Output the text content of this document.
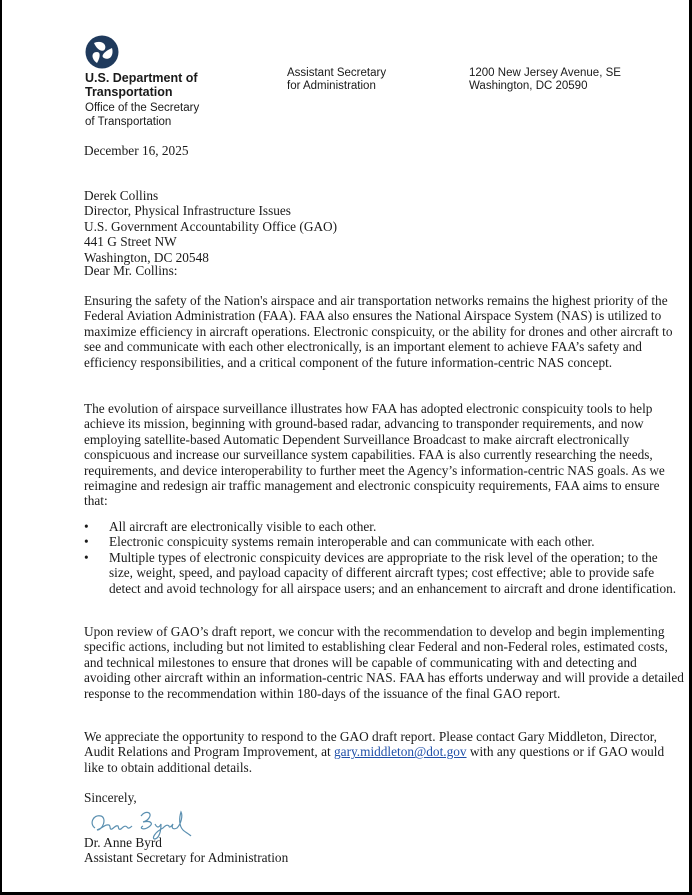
U.S. Department of
Transportation
Office of the Secretary
of Transportation
Assistant Secretary
for Administration
1200 New Jersey Avenue, SE
Washington, DC 20590
December 16, 2025
Derek Collins
Director, Physical Infrastructure Issues
U.S. Government Accountability Office (GAO)
441 G Street NW
Washington, DC 20548
Dear Mr. Collins:
Ensuring the safety of the Nation's airspace and air transportation networks remains the highest priority of the Federal Aviation Administration (FAA). FAA also ensures the National Airspace System (NAS) is utilized to maximize efficiency in aircraft operations. Electronic conspicuity, or the ability for drones and other aircraft to see and communicate with each other electronically, is an important element to achieve FAA’s safety and efficiency responsibilities, and a critical component of the future information-centric NAS concept.
The evolution of airspace surveillance illustrates how FAA has adopted electronic conspicuity tools to help achieve its mission, beginning with ground-based radar, advancing to transponder requirements, and now employing satellite-based Automatic Dependent Surveillance Broadcast to make aircraft electronically conspicuous and increase our surveillance system capabilities. FAA is also currently researching the needs, requirements, and device interoperability to further meet the Agency’s information-centric NAS goals. As we reimagine and redesign air traffic management and electronic conspicuity requirements, FAA aims to ensure that:
•	All aircraft are electronically visible to each other.
•	Electronic conspicuity systems remain interoperable and can communicate with each other.
•	Multiple types of electronic conspicuity devices are appropriate to the risk level of the operation; to the size, weight, speed, and payload capacity of different aircraft types; cost effective; able to provide safe detect and avoid technology for all airspace users; and an enhancement to aircraft and drone identification.
Upon review of GAO’s draft report, we concur with the recommendation to develop and begin implementing specific actions, including but not limited to establishing clear Federal and non-Federal roles, estimated costs, and technical milestones to ensure that drones will be capable of communicating with and detecting and avoiding other aircraft within an information-centric NAS. FAA has efforts underway and will provide a detailed response to the recommendation within 180-days of the issuance of the final GAO report.
We appreciate the opportunity to respond to the GAO draft report. Please contact Gary Middleton, Director, Audit Relations and Program Improvement, at gary.middleton@dot.gov with any questions or if GAO would like to obtain additional details.
Sincerely,
Dr. Anne Byrd
Assistant Secretary for Administration
